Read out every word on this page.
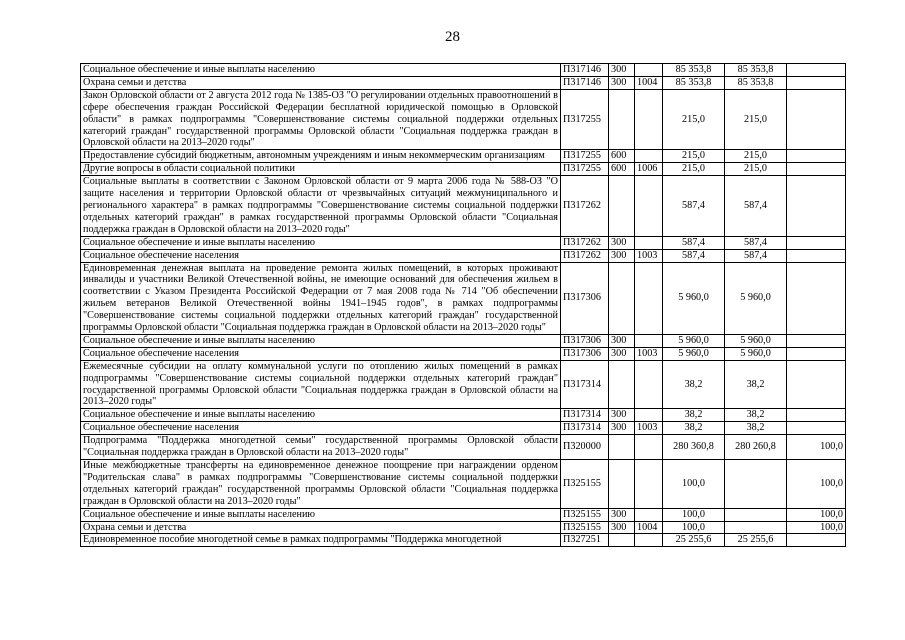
28
Социальное обеспечение и иные выплаты населению	П317146	300		85 353,8	85 353,8	
Охрана семьи и детства	П317146	300	1004	85 353,8	85 353,8	
Закон Орловской области от 2 августа 2012 года № 1385-ОЗ "О регулировании отдельных правоотношений в сфере обеспечения граждан Российской Федерации бесплатной юридической помощью в Орловской области" в рамках подпрограммы "Совершенствование системы социальной поддержки отдельных категорий граждан" государственной программы Орловской области "Социальная поддержка граждан в Орловской области на 2013–2020 годы"	П317255			215,0	215,0	
Предоставление субсидий бюджетным, автономным учреждениям и иным некоммерческим организациям	П317255	600		215,0	215,0	
Другие вопросы в области социальной политики	П317255	600	1006	215,0	215,0	
Социальные выплаты в соответствии с Законом Орловской области от 9 марта 2006 года № 588-ОЗ "О защите населения и территории Орловской области от чрезвычайных ситуаций межмуниципального и регионального характера" в рамках подпрограммы "Совершенствование системы социальной поддержки отдельных категорий граждан" в рамках государственной программы Орловской области "Социальная поддержка граждан в Орловской области на 2013–2020 годы"	П317262			587,4	587,4	
Социальное обеспечение и иные выплаты населению	П317262	300		587,4	587,4	
Социальное обеспечение населения	П317262	300	1003	587,4	587,4	
Единовременная денежная выплата на проведение ремонта жилых помещений, в которых проживают инвалиды и участники Великой Отечественной войны, не имеющие оснований для обеспечения жильем в соответствии с Указом Президента Российской Федерации от 7 мая 2008 года № 714 "Об обеспечении жильем ветеранов Великой Отечественной войны 1941–1945 годов", в рамках подпрограммы "Совершенствование системы социальной поддержки отдельных категорий граждан" государственной программы Орловской области "Социальная поддержка граждан в Орловской области на 2013–2020 годы"	П317306			5 960,0	5 960,0	
Социальное обеспечение и иные выплаты населению	П317306	300		5 960,0	5 960,0	
Социальное обеспечение населения	П317306	300	1003	5 960,0	5 960,0	
Ежемесячные субсидии на оплату коммунальной услуги по отоплению жилых помещений в рамках подпрограммы "Совершенствование системы социальной поддержки отдельных категорий граждан" государственной программы Орловской области "Социальная поддержка граждан в Орловской области на 2013–2020 годы"	П317314			38,2	38,2	
Социальное обеспечение и иные выплаты населению	П317314	300		38,2	38,2	
Социальное обеспечение населения	П317314	300	1003	38,2	38,2	
Подпрограмма "Поддержка многодетной семьи" государственной программы Орловской области "Социальная поддержка граждан в Орловской области на 2013–2020 годы"	П320000			280 360,8	280 260,8	100,0
Иные межбюджетные трансферты на единовременное денежное поощрение при награждении орденом "Родительская слава" в рамках подпрограммы "Совершенствование системы социальной поддержки отдельных категорий граждан" государственной программы Орловской области "Социальная поддержка граждан в Орловской области на 2013–2020 годы"	П325155			100,0		100,0
Социальное обеспечение и иные выплаты населению	П325155	300		100,0		100,0
Охрана семьи и детства	П325155	300	1004	100,0		100,0
Единовременное пособие многодетной семье в рамках подпрограммы "Поддержка многодетной	П327251			25 255,6	25 255,6	
